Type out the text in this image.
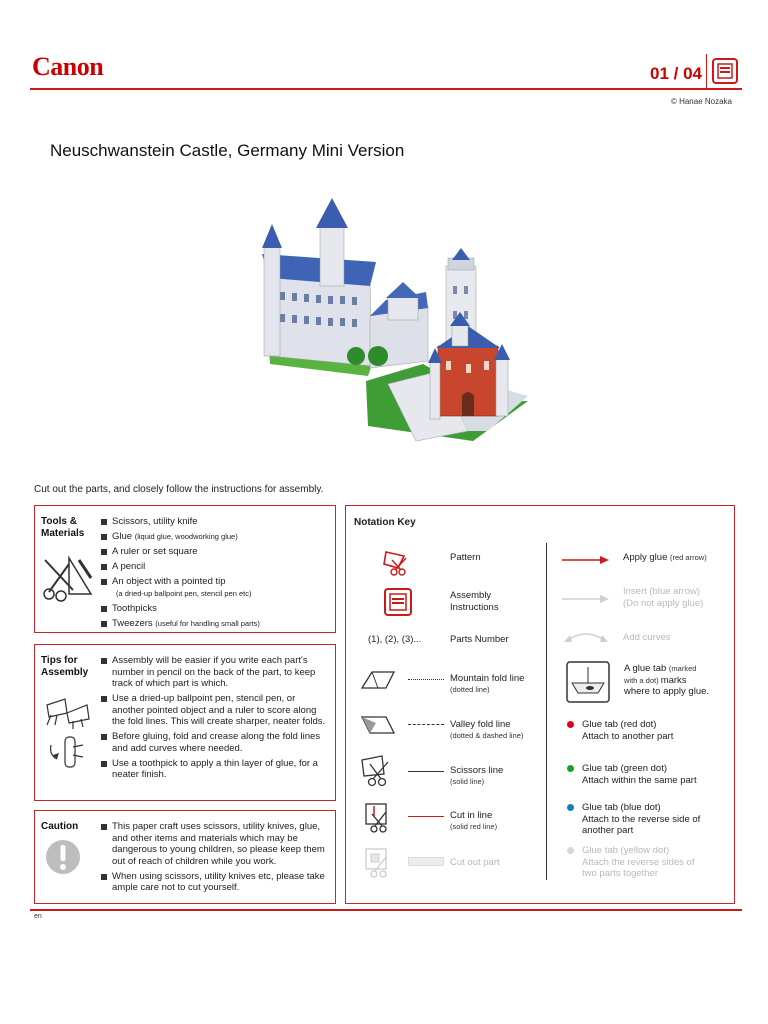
Canon	01 / 04
© Hanae Nozaka
Neuschwanstein Castle, Germany Mini Version
Cut out the parts, and closely follow the instructions for assembly.
Tools &
Materials
Scissors, utility knife
Glue (liquid glue, woodworking glue)
A ruler or set square
A pencil
An object with a pointed tip
(a dried-up ballpoint pen, stencil pen etc)
Toothpicks
Tweezers (useful for handling small parts)
Tips for
Assembly
Assembly will be easier if you write each part's number in pencil on the back of the part, to keep track of which part is which.
Use a dried-up ballpoint pen, stencil pen, or another pointed object and a ruler to score along the fold lines. This will create sharper, neater folds.
Before gluing, fold and crease along the fold lines and add curves where needed.
Use a toothpick to apply a thin layer of glue, for a neater finish.
Caution	This paper craft uses scissors, utility knives, glue, and other items and materials which may be dangerous to young children, so please keep them out of reach of children while you work.
When using scissors, utility knives etc, please take ample care not to cut yourself.
Notation Key
Pattern
Assembly
Instructions
(1), (2), (3)...	Parts Number
Mountain fold line
(dotted line)
Valley fold line
(dotted & dashed line)
Scissors line
(solid line)
Cut in line
(solid red line)
Cut out part
Apply glue (red arrow)
Insert (blue arrow)
(Do not apply glue)
Add curves
A glue tab (marked
with a dot) marks
where to apply glue.
Glue tab (red dot)
Attach to another part
Glue tab (green dot)
Attach within the same part
Glue tab (blue dot)
Attach to the reverse side of
another part
Glue tab (yellow dot)
Attach the reverse sides of
two parts together
en
